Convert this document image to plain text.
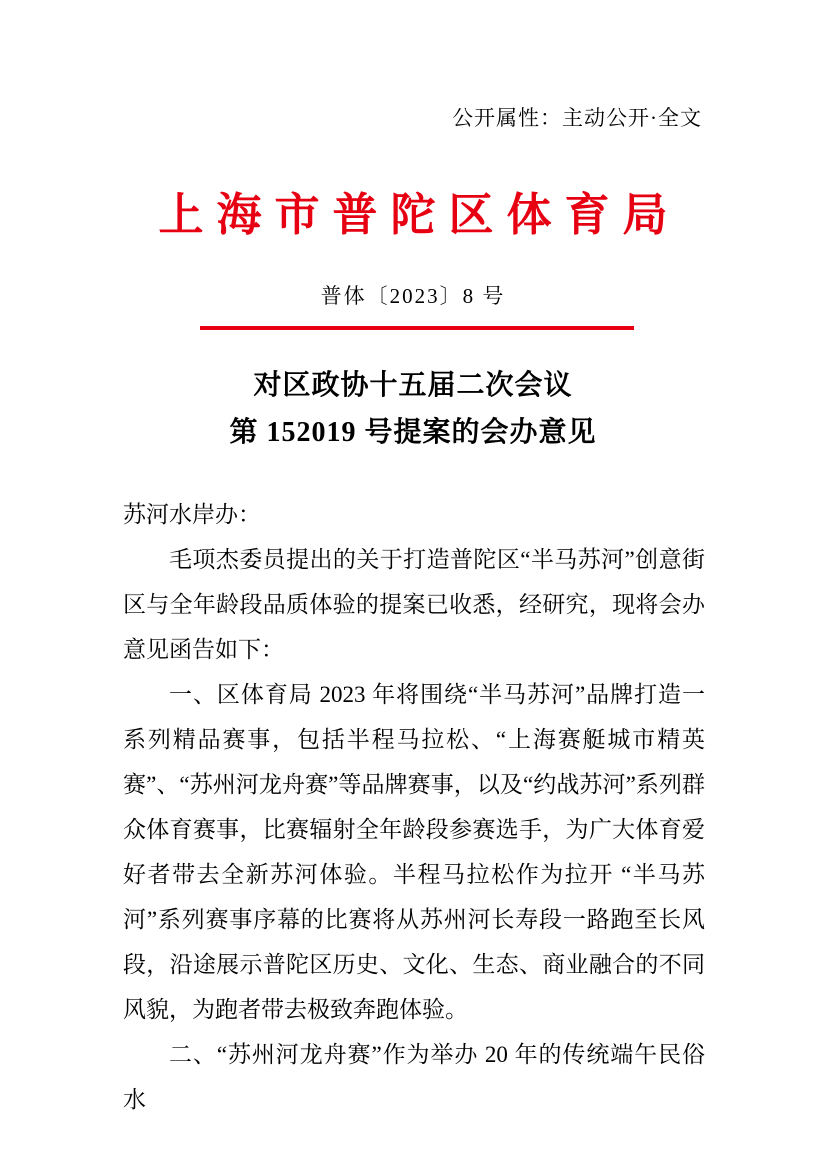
公开属性：主动公开·全文
上海市普陀区体育局
普体〔2023〕8 号
对区政协十五届二次会议
第 152019 号提案的会办意见

苏河水岸办：

毛项杰委员提出的关于打造普陀区“半马苏河”创意街区与全年龄段品质体验的提案已收悉，经研究，现将会办意见函告如下：

一、区体育局 2023 年将围绕“半马苏河”品牌打造一系列精品赛事，包括半程马拉松、“上海赛艇城市精英赛”、“苏州河龙舟赛”等品牌赛事，以及“约战苏河”系列群众体育赛事，比赛辐射全年龄段参赛选手，为广大体育爱好者带去全新苏河体验。半程马拉松作为拉开 “半马苏河”系列赛事序幕的比赛将从苏州河长寿段一路跑至长风段，沿途展示普陀区历史、文化、生态、商业融合的不同风貌，为跑者带去极致奔跑体验。

二、“苏州河龙舟赛”作为举办 20 年的传统端午民俗水
